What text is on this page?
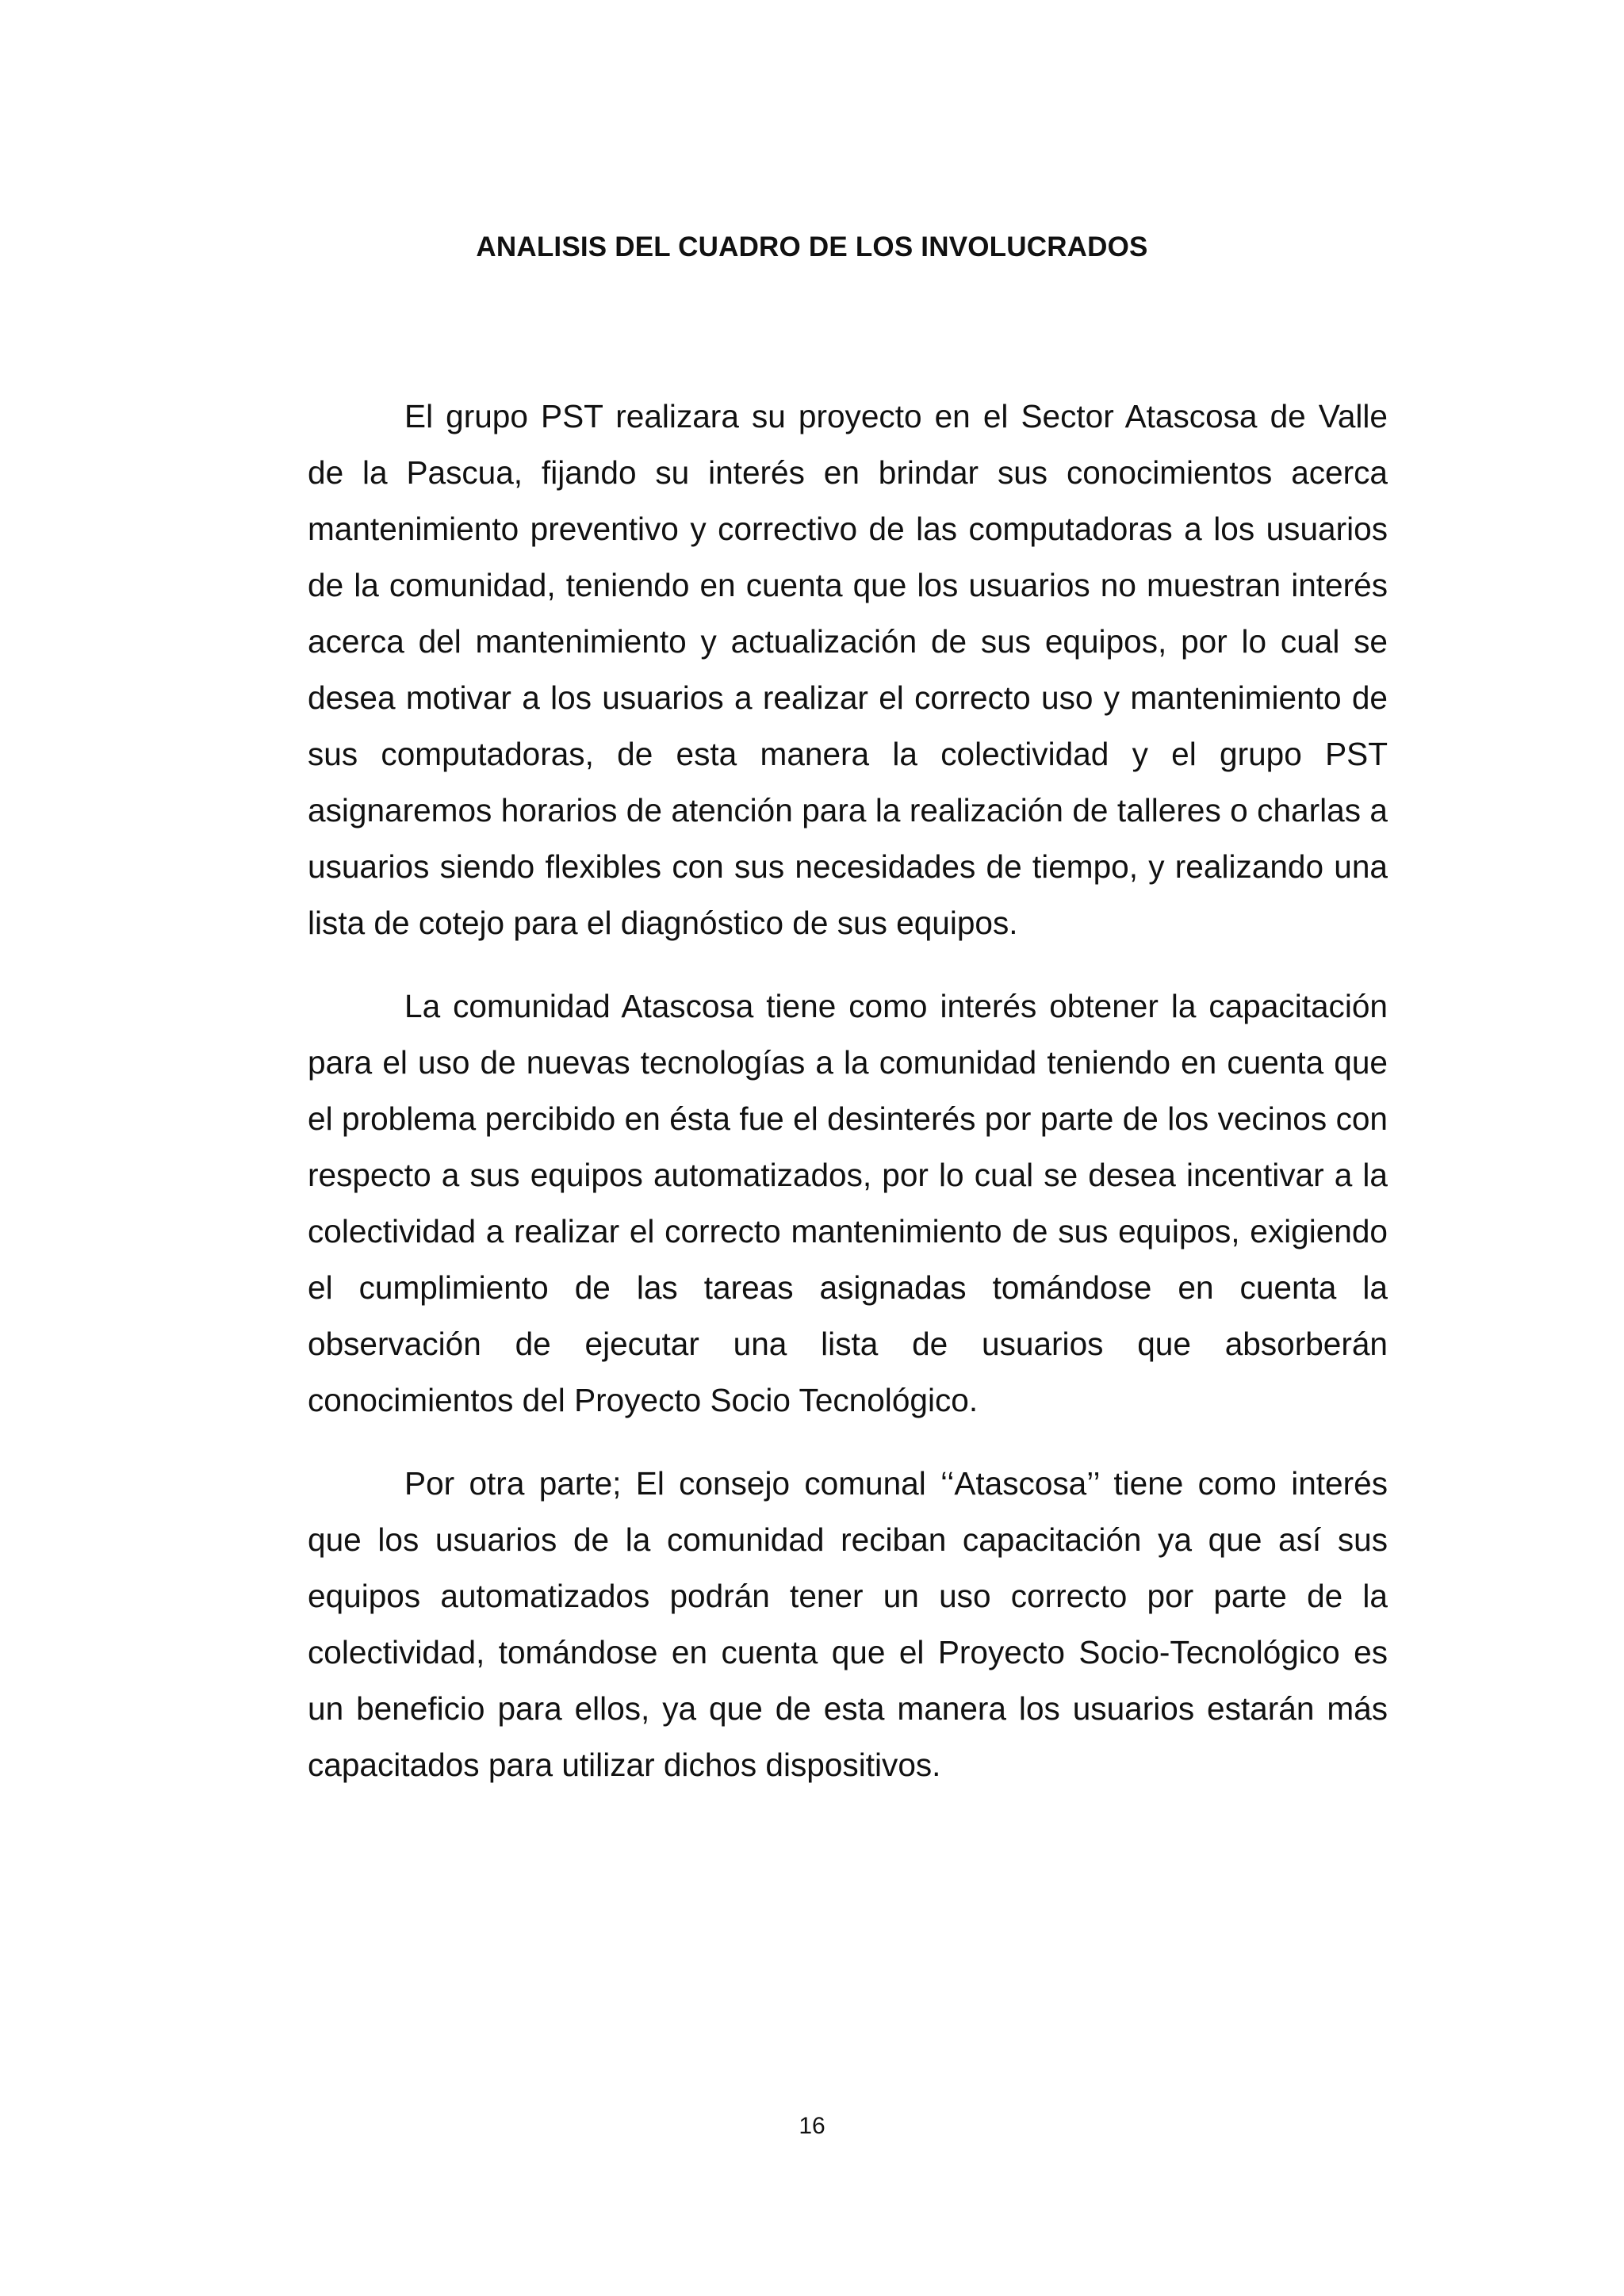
ANALISIS DEL CUADRO DE LOS INVOLUCRADOS

El grupo PST realizara su proyecto en el Sector Atascosa de Valle de la Pascua, fijando su interés en brindar sus conocimientos acerca mantenimiento preventivo y correctivo de las computadoras a los usuarios de la comunidad, teniendo en cuenta que los usuarios no muestran interés acerca del mantenimiento y actualización de sus equipos, por lo cual se desea motivar a los usuarios a realizar el correcto uso y mantenimiento de sus computadoras, de esta manera la colectividad y el grupo PST asignaremos horarios de atención para la realización de talleres o charlas a usuarios siendo flexibles con sus necesidades de tiempo, y realizando una lista de cotejo para el diagnóstico de sus equipos.

La comunidad Atascosa tiene como interés obtener la capacitación para el uso de nuevas tecnologías a la comunidad teniendo en cuenta que el problema percibido en ésta fue el desinterés por parte de los vecinos con respecto a sus equipos automatizados, por lo cual se desea incentivar a la colectividad a realizar el correcto mantenimiento de sus equipos, exigiendo el cumplimiento de las tareas asignadas tomándose en cuenta la observación de ejecutar una lista de usuarios que absorberán conocimientos del Proyecto Socio Tecnológico.

Por otra parte; El consejo comunal ‘‘Atascosa’’ tiene como interés que los usuarios de la comunidad reciban capacitación ya que así sus equipos automatizados podrán tener un uso correcto por parte de la colectividad, tomándose en cuenta que el Proyecto Socio-Tecnológico es un beneficio para ellos, ya que de esta manera los usuarios estarán más capacitados para utilizar dichos dispositivos.

16
